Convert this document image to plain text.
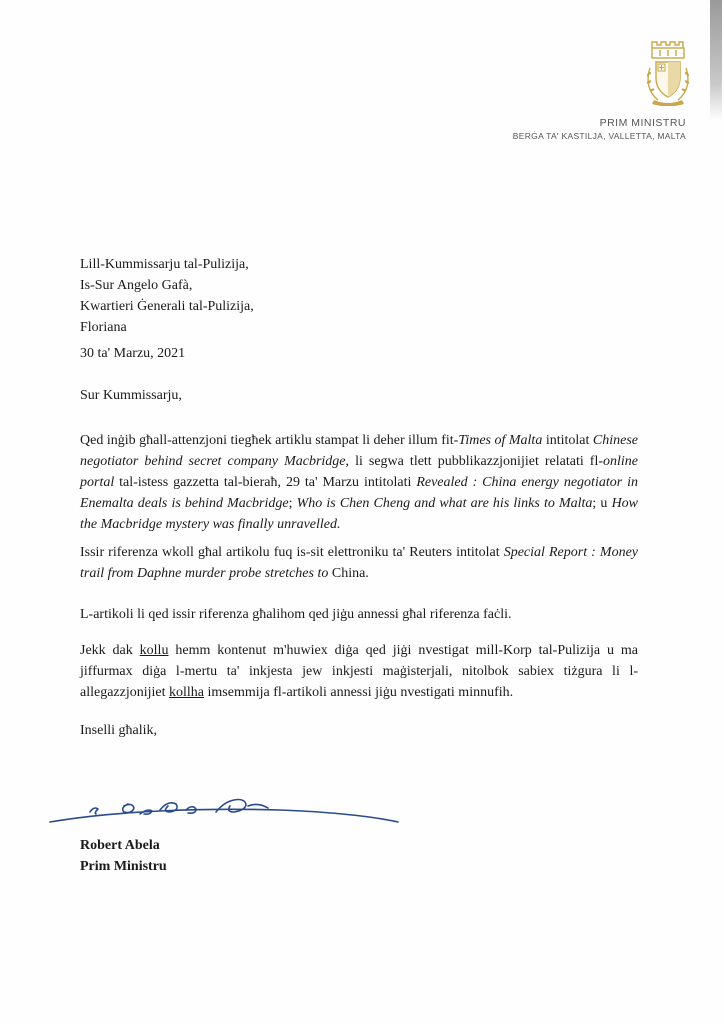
PRIM MINISTRU

BERĠA TA' KASTILJA, VALLETTA, MALTA

Lill-Kummissarju tal-Pulizija,
Is-Sur Angelo Gafà,
Kwartieri Ġenerali tal-Pulizija,
Floriana
30 ta' Marzu, 2021
Sur Kummissarju,

Qed inġib għall-attenzjoni tiegħek artiklu stampat li deher illum fit-Times of Malta intitolat Chinese negotiator behind secret company Macbridge, li segwa tlett pubblikazzjonijiet relatati fl-online portal tal-istess gazzetta tal-bieraħ, 29 ta' Marzu intitolati Revealed : China energy negotiator in Enemalta deals is behind Macbridge; Who is Chen Cheng and what are his links to Malta; u How the Macbridge mystery was finally unravelled.

Issir riferenza wkoll għal artikolu fuq is-sit elettroniku ta' Reuters intitolat Special Report : Money trail from Daphne murder probe stretches to China.

L-artikoli li qed issir riferenza għalihom qed jiġu annessi għal riferenza faċli.

Jekk dak kollu hemm kontenut m'huwiex diġa qed jiġi nvestigat mill-Korp tal-Pulizija u ma jiffurmax diġa l-mertu ta' inkjesta jew inkjesti maġisterjali, nitolbok sabiex tiżgura li l-allegazzjonijiet kollha imsemmija fl-artikoli annessi jiġu nvestigati minnufih.

Inselli għalik,
Robert Abela
Prim Ministru
